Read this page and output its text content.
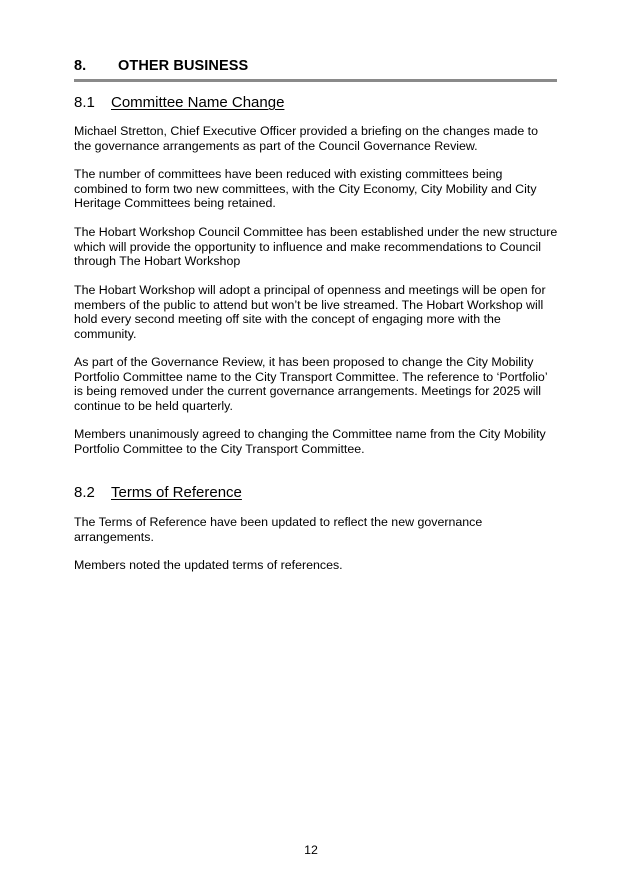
8. OTHER BUSINESS
8.1 Committee Name Change

Michael Stretton, Chief Executive Officer provided a briefing on the changes made to the governance arrangements as part of the Council Governance Review.

The number of committees have been reduced with existing committees being combined to form two new committees, with the City Economy, City Mobility and City Heritage Committees being retained.

The Hobart Workshop Council Committee has been established under the new structure which will provide the opportunity to influence and make recommendations to Council through The Hobart Workshop

The Hobart Workshop will adopt a principal of openness and meetings will be open for members of the public to attend but won’t be live streamed. The Hobart Workshop will hold every second meeting off site with the concept of engaging more with the community.

As part of the Governance Review, it has been proposed to change the City Mobility Portfolio Committee name to the City Transport Committee. The reference to ‘Portfolio’ is being removed under the current governance arrangements. Meetings for 2025 will continue to be held quarterly.

Members unanimously agreed to changing the Committee name from the City Mobility Portfolio Committee to the City Transport Committee.

8.2 Terms of Reference

The Terms of Reference have been updated to reflect the new governance arrangements.

Members noted the updated terms of references.

12
